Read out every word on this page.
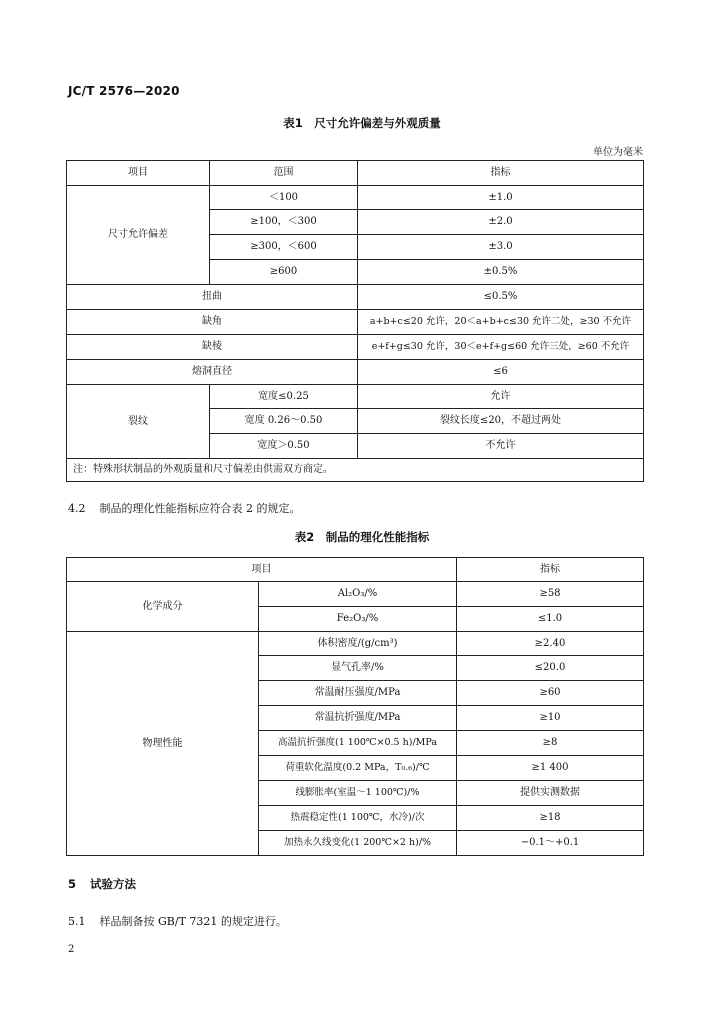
JC/T 2576—2020
表1　尺寸允许偏差与外观质量
单位为毫米
项目	范围	指标
尺寸允许偏差	＜100	±1.0
	≥100，＜300	±2.0
	≥300，＜600	±3.0
	≥600	±0.5%
扭曲		≤0.5%
缺角		a+b+c≤20 允许，20＜a+b+c≤30 允许二处，≥30 不允许
缺棱		e+f+g≤30 允许，30＜e+f+g≤60 允许三处，≥60 不允许
熔洞直径		≤6
裂纹	宽度≤0.25	允许
	宽度 0.26～0.50	裂纹长度≤20，不超过两处
	宽度＞0.50	不允许
注：特殊形状制品的外观质量和尺寸偏差由供需双方商定。		
4.2 制品的理化性能指标应符合表 2 的规定。
表2　制品的理化性能指标
项目		指标
化学成分	Al₂O₃/%	≥58
	Fe₂O₃/%	≤1.0
物理性能	体积密度/(g/cm³)	≥2.40
	显气孔率/%	≤20.0
	常温耐压强度/MPa	≥60
	常温抗折强度/MPa	≥10
	高温抗折强度(1 100℃×0.5 h)/MPa	≥8
	荷重软化温度(0.2 MPa，T₀.₆)/℃	≥1 400
	线膨胀率(室温～1 100℃)/%	提供实测数据
	热震稳定性(1 100℃，水冷)/次	≥18
	加热永久线变化(1 200℃×2 h)/%	−0.1～+0.1
5 试验方法
5.1 样品制备按 GB/T 7321 的规定进行。
2
